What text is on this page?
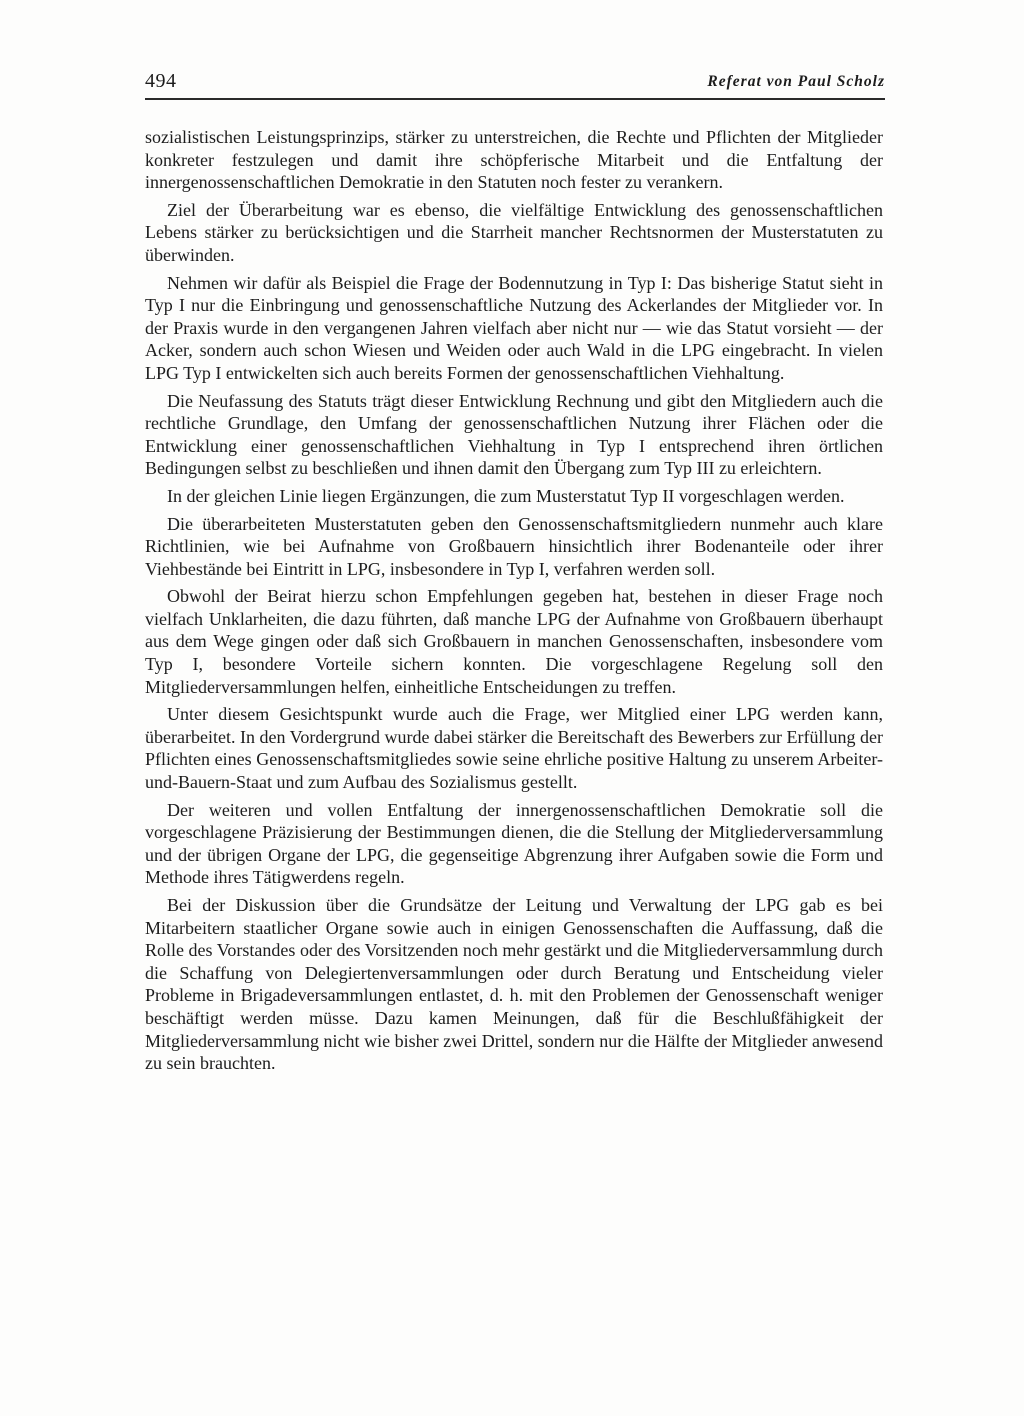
494	Referat von Paul Scholz

sozialistischen Leistungsprinzips, stärker zu unterstreichen, die Rechte und Pflichten der Mitglieder konkreter festzulegen und damit ihre schöpferische Mitarbeit und die Entfaltung der innergenossenschaftlichen Demokratie in den Statuten noch fester zu verankern.

Ziel der Überarbeitung war es ebenso, die vielfältige Entwicklung des genossenschaftlichen Lebens stärker zu berücksichtigen und die Starrheit mancher Rechtsnormen der Musterstatuten zu überwinden.

Nehmen wir dafür als Beispiel die Frage der Bodennutzung in Typ I: Das bisherige Statut sieht in Typ I nur die Einbringung und genossenschaftliche Nutzung des Ackerlandes der Mitglieder vor. In der Praxis wurde in den vergangenen Jahren vielfach aber nicht nur — wie das Statut vorsieht — der Acker, sondern auch schon Wiesen und Weiden oder auch Wald in die LPG eingebracht. In vielen LPG Typ I entwickelten sich auch bereits Formen der genossenschaftlichen Viehhaltung.

Die Neufassung des Statuts trägt dieser Entwicklung Rechnung und gibt den Mitgliedern auch die rechtliche Grundlage, den Umfang der genossenschaftlichen Nutzung ihrer Flächen oder die Entwicklung einer genossenschaftlichen Viehhaltung in Typ I entsprechend ihren örtlichen Bedingungen selbst zu beschließen und ihnen damit den Übergang zum Typ III zu erleichtern.

In der gleichen Linie liegen Ergänzungen, die zum Musterstatut Typ II vorgeschlagen werden.

Die überarbeiteten Musterstatuten geben den Genossenschaftsmitgliedern nunmehr auch klare Richtlinien, wie bei Aufnahme von Großbauern hinsichtlich ihrer Bodenanteile oder ihrer Viehbestände bei Eintritt in LPG, insbesondere in Typ I, verfahren werden soll.

Obwohl der Beirat hierzu schon Empfehlungen gegeben hat, bestehen in dieser Frage noch vielfach Unklarheiten, die dazu führten, daß manche LPG der Aufnahme von Großbauern überhaupt aus dem Wege gingen oder daß sich Großbauern in manchen Genossenschaften, insbesondere vom Typ I, besondere Vorteile sichern konnten. Die vorgeschlagene Regelung soll den Mitgliederversammlungen helfen, einheitliche Entscheidungen zu treffen.

Unter diesem Gesichtspunkt wurde auch die Frage, wer Mitglied einer LPG werden kann, überarbeitet. In den Vordergrund wurde dabei stärker die Bereitschaft des Bewerbers zur Erfüllung der Pflichten eines Genossenschaftsmitgliedes sowie seine ehrliche positive Haltung zu unserem Arbeiter-und-Bauern-Staat und zum Aufbau des Sozialismus gestellt.

Der weiteren und vollen Entfaltung der innergenossenschaftlichen Demokratie soll die vorgeschlagene Präzisierung der Bestimmungen dienen, die die Stellung der Mitgliederversammlung und der übrigen Organe der LPG, die gegenseitige Abgrenzung ihrer Aufgaben sowie die Form und Methode ihres Tätigwerdens regeln.

Bei der Diskussion über die Grundsätze der Leitung und Verwaltung der LPG gab es bei Mitarbeitern staatlicher Organe sowie auch in einigen Genossenschaften die Auffassung, daß die Rolle des Vorstandes oder des Vorsitzenden noch mehr gestärkt und die Mitgliederversammlung durch die Schaffung von Delegiertenversammlungen oder durch Beratung und Entscheidung vieler Probleme in Brigadeversammlungen entlastet, d. h. mit den Problemen der Genossenschaft weniger beschäftigt werden müsse. Dazu kamen Meinungen, daß für die Beschlußfähigkeit der Mitgliederversammlung nicht wie bisher zwei Drittel, sondern nur die Hälfte der Mitglieder anwesend zu sein brauchten.
